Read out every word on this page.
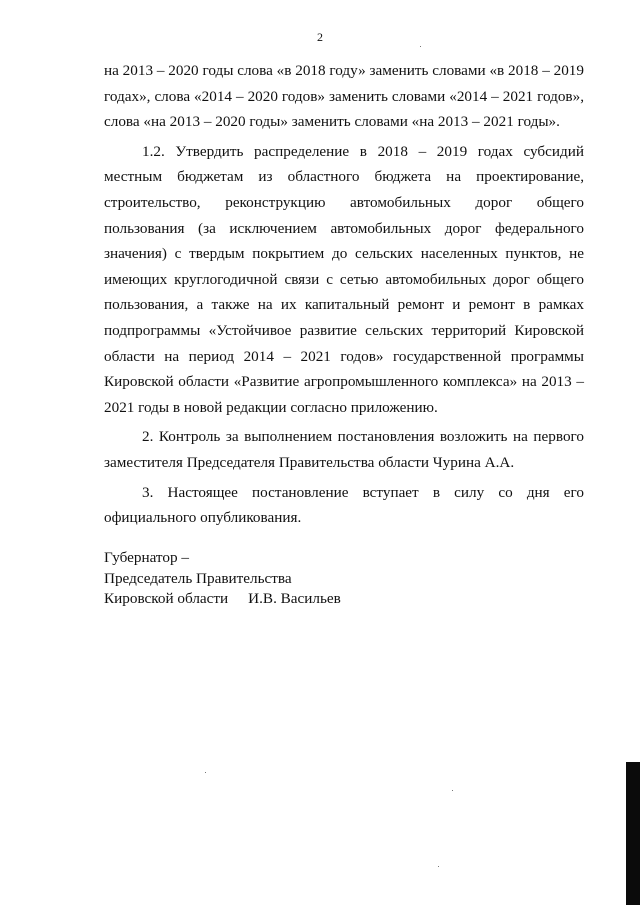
2

на 2013 – 2020 годы слова «в 2018 году» заменить словами «в 2018 – 2019 годах», слова «2014 – 2020 годов» заменить словами «2014 – 2021 годов», слова «на 2013 – 2020 годы» заменить словами «на 2013 – 2021 годы».

1.2. Утвердить распределение в 2018 – 2019 годах субсидий местным бюджетам из областного бюджета на проектирование, строительство, реконструкцию автомобильных дорог общего пользования (за исключением автомобильных дорог федерального значения) с твердым покрытием до сельских населенных пунктов, не имеющих круглогодичной связи с сетью автомобильных дорог общего пользования, а также на их капитальный ремонт и ремонт в рамках подпрограммы «Устойчивое развитие сельских территорий Кировской области на период 2014 – 2021 годов» государственной программы Кировской области «Развитие агропромышленного комплекса» на 2013 – 2021 годы в новой редакции согласно приложению.

2. Контроль за выполнением постановления возложить на первого заместителя Председателя Правительства области Чурина А.А.

3. Настоящее постановление вступает в силу со дня его официального опубликования.

Губернатор –
Председатель Правительства
Кировской области И.В. Васильев
